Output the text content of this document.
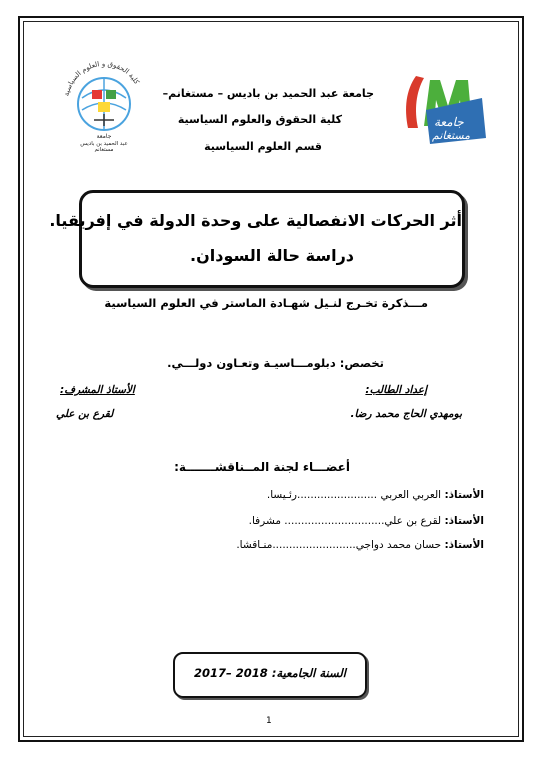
جامعة
مستغانم
جامعة عبد الحميد بن باديس – مستغانم–
كلية الحقوق والعلوم السياسية
قسم العلوم السياسية
كلية الحقوق و العلوم السياسية
جامعة
عبد الحميد بن باديس
مستغانم
أثر الحركات الانفصالية على وحدة الدولة في إفريقيا.
دراسة حالة السودان.
مـــذكرة تخـرج لنـيل شهـادة الماستر في العلوم السياسية
تخصص: دبلومـــاسيـة وتعـاون دولـــي.
إعداد الطالب:
بومهدي الحاج محمد رضا.
الأستاذ المشرف:
لقرع بن علي
أعضـــاء لجنة المــناقشـــــــة:
الأستاذ: العربي العربي ........................رئـيسا.
الأستاذ: لقرع بن علي.............................. مشرفا.
الأستاذ: حسان محمد دواجي.........................منـاقشا.
السنة الجامعية: 2017– 2018
1
